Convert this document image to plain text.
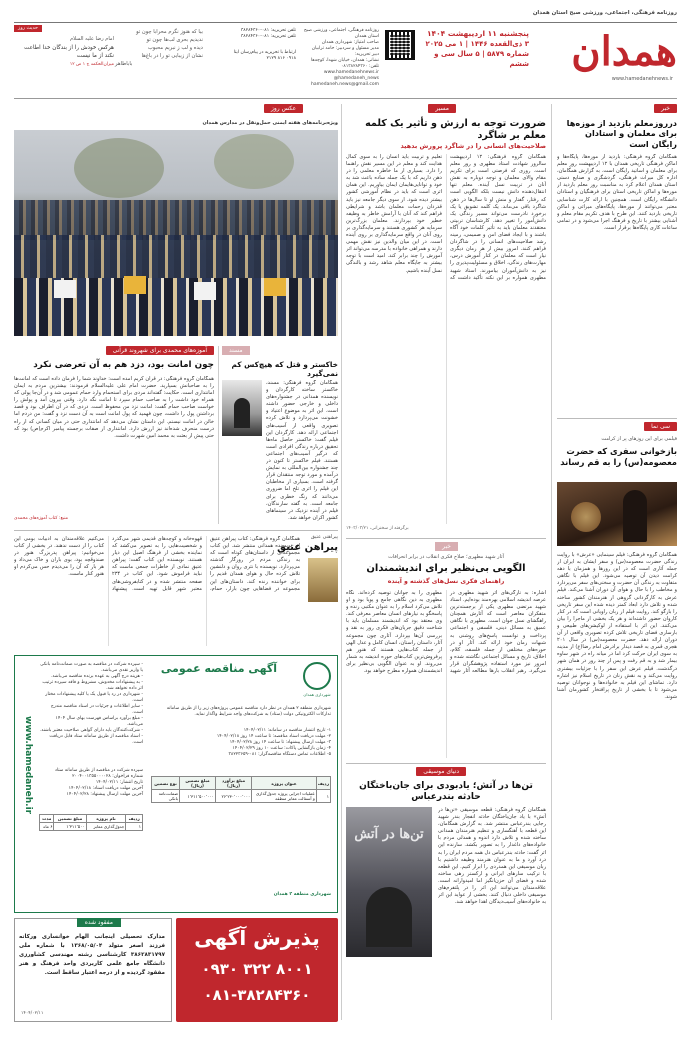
همدان
www.hamedanehnews.ir
روزنامه فرهنگی، اجتماعی، ورزشی صبح استان همدان
پنجشنبه ۱۱ اردیبهشت ۱۴۰۴
۳ ذی‌القعده ۱۴۴۶ | ۱ می ۲۰۲۵
شماره ۵۸۷۹ | ۵ سال سی و ششم
روزنامه فرهنگی، اجتماعی، ورزشی صبح استان همدان
صاحب امتیاز: شهرداری همدان
مدیر مسئول و سردبیر: حامد ترابیان
دبیر تحریریه:
نشانی: همدان، خیابان شهدا، کوچه‌ها
تلفن: ۰۸۱۳۸۲۸۴۳۶۰
www.hamedanehnews.ir
@hamedaneh_news
hamedaneh.news@gmail.com
تلفن تحریریه: ۰۸۱-۳۸۲۸۴۳۶۰
تلفن تحریریه: ۰۸۱-۳۸۲۸۴۳۶۰
ارتباط با تحریریه در پیام‌رسان ایتا
۰۹۱۸ ۸۱۶ ۲۱۲۹
بیا که هنوز نگرم محرابا چون تو
ندیدیم بحری لب‌ها چون تو
دیده و لب ز نبریم محبوب
نشان از زیبایی تو را در باغ‌ها
باباطاهر
حدیث روز
امام رضا علیه السلام
هرکس خودش را از بندگان خدا اطاعت نکند از ما نیست
میزان‌الحکمه ج ۱ ص ۱۲
خبر
درروزمعلم بازدید از موزه‌ها برای معلمان و استادان رایگان است
همگامان گروه فرهنگی: بازدید از موزه‌ها، پایگاه‌ها و اماکن فرهنگی تاریخی همدان با ۱۲ اردیبهشت روز معلم برای معلمان و اساتید رایگان است. به گزارش همگامان، اداره کل میراث فرهنگی، گردشگری و صنایع دستی استان همدان اعلام کرد به مناسبت روز معلم بازدید از موزه‌ها و اماکن تاریخی استان برای فرهنگیان و استادان دانشگاه رایگان است. همچنین با ارائه کارت شناسایی معتبر می‌توانند از موزه‌ها، پایگاه‌های میراثی و اماکن تاریخی بازدید کنند. این طرح با هدف تکریم مقام معلم و آشنایی بیشتر با تاریخ و فرهنگ اجرا می‌شود و در تمامی ساعات کاری پایگاه‌ها برقرار است.
سی نما
فیلمی برای این روزهای پر از کرامت
بازخوانی سفری که حضرت معصومه(س) را به قم رساند
همگامان گروه فرهنگی: فیلم سینمایی «عرش» با روایت زندگی حضرت معصومه(س) و سفر ایشان به ایران از جمله آثاری است که در این روزها و همزمان با دهه کرامت دیدن آن توصیه می‌شود. این فیلم با نگاهی متفاوت به زندگی آن حضرت و سختی‌های سفر می‌پردازد و مخاطب را با حال و هوای آن دوران آشنا می‌کند. فیلم عرش به کارگردانی گروهی از هنرمندان کشور ساخته شده و تلاش دارد ابعاد کمتر دیده شده این سفر تاریخی را بازگو کند. روایت فیلم از زبان راویانی است که در کنار کاروان حضور داشته‌اند و هر یک بخشی از ماجرا را بیان می‌کنند. این اثر با استفاده از لوکیشن‌های طبیعی و بازسازی فضای تاریخی تلاش کرده تصویری واقعی از آن دوران ارائه دهد. حضرت معصومه(س) در سال ۲۰۱ هجری قمری به قصد دیدار برادرش امام رضا(ع) از مدینه به سوی ایران حرکت کرد اما در میانه راه در شهر ساوه بیمار شد و به قم رفت و پس از چند روز در همان شهر درگذشت. فیلم عرش این سفر را با جزئیات بیشتری روایت می‌کند و به نقش زنان در تاریخ اسلام نیز اشاره دارد. تماشای این فیلم به خانواده‌ها و نوجوانان توصیه می‌شود تا با بخشی از تاریخ پرافتخار کشورمان آشنا شوند.
مسیر
ضرورت توجه به ارزش و تأثیر یک کلمه معلم بر شاگرد
صلاحیت‌های انسانی را در شاگرد پرورش بدهید
همگامان گروه فرهنگی: ۱۲ اردیبهشت سالروز شهادت استاد مطهری و روز معلم است. روزی که فرصتی است برای تکریم مقام والای معلمان و توجه دوباره به نقش آنان در تربیت نسل آینده. معلم تنها انتقال‌دهنده دانش نیست بلکه الگویی است که رفتار، گفتار و منش او تا سال‌ها در ذهن شاگرد باقی می‌ماند. یک کلمه تشویق یا یک برخورد نادرست می‌تواند مسیر زندگی یک دانش‌آموز را تغییر دهد. کارشناسان تربیتی معتقدند معلمان باید به تأثیر کلمات خود آگاه باشند و با ایجاد فضای امن و صمیمی، زمینه رشد صلاحیت‌های انسانی را در شاگردان فراهم کنند. امروز بیش از هر زمان دیگری نیاز است که معلمان در کنار آموزش درس، مهارت‌های زندگی، اخلاق و مسئولیت‌پذیری را نیز به دانش‌آموزان بیاموزند. استاد شهید مطهری همواره بر این نکته تأکید داشت که تعلیم و تربیت باید انسان را به سوی کمال هدایت کند و معلم در این مسیر نقش راهنما را دارد. بسیاری از ما خاطره معلمی را در ذهن داریم که با یک جمله ساده باعث شد به خود و توانایی‌هایمان ایمان بیاوریم. این همان اثری است که باید در نظام آموزشی کشور بیشتر دیده شود. از سوی دیگر جامعه نیز باید قدردان زحمات معلمان باشد و شرایطی فراهم کند که آنان با آرامش خاطر به وظیفه خطیر خود بپردازند. معلمان بزرگ‌ترین سرمایه هر کشوری هستند و سرمایه‌گذاری بر روی آنان در واقع سرمایه‌گذاری بر روی آینده است. در این میان والدین نیز نقش مهمی دارند و همراهی خانواده با مدرسه می‌تواند اثر آموزش را چند برابر کند. امید است با توجه بیشتر به جایگاه معلم شاهد رشد و بالندگی نسل آینده باشیم.
برگرفته از سخنرانی، ۱۴۰۳/۰۳/۲۱
خبر
آثار شهید مطهری؛ صلاح فکری انقلاب در برابر انحرافات
الگویی بی‌نظیر برای اندیشمندان
راهنمای فکری نسل‌های گذشته و آینده
اشاره: به تازگی‌های اثر شهید مطهری در عرصه اندیشه اسلامی بهره‌مند بوده‌ایم. استاد شهید مرتضی مطهری یکی از برجسته‌ترین متفکران معاصر است که آثارش همچنان راهگشای نسل جوان است. مطهری با نگاهی عمیق به مسائل دینی، فلسفی و اجتماعی پرداخت و توانست پاسخ‌های روشنی به شبهات زمان خود ارائه کند. آثار او در حوزه‌های مختلفی از جمله فلسفه، کلام، اخلاق، تاریخ و مسائل اجتماعی نگاشته شده و امروز نیز مورد استفاده پژوهشگران قرار می‌گیرد. رهبر انقلاب بارها مطالعه آثار شهید مطهری را به جوانان توصیه کرده‌اند. نگاه مطهری به دین نگاهی جامع و پویا بود و او تلاش می‌کرد اسلام را به عنوان مکتبی زنده و پاسخگو به نیازهای انسان معاصر معرفی کند. وی معتقد بود که اندیشمند مسلمان باید با شناخت دقیق جریان‌های فکری روز به نقد و بررسی آن‌ها بپردازد. آثاری چون مجموعه آثار، داستان راستان، انسان کامل و عدل الهی از جمله کتاب‌هایی هستند که هنوز هم پرفروش‌ترین کتاب‌های حوزه اندیشه به شمار می‌روند. او به عنوان الگویی بی‌نظیر برای اندیشمندان همواره مطرح خواهد بود.
دنیای موسیقی
تن‌ها در آتش؛ یادبودی برای جان‌باختگان حادثه بندرعباس
تن‌ها در آتش
همگامان گروه فرهنگی: قطعه موسیقی «تن‌ها در آتش» با یاد جان‌باختگان حادثه انفجار بندر شهید رجایی بندرعباس منتشر شد. به گزارش همگامان، این قطعه با آهنگسازی و تنظیم هنرمندان همدانی ساخته شده و تلاش دارد اندوه و همدلی مردم با خانواده‌های داغدار را به تصویر بکشد. سازنده این اثر گفت: حادثه بندرعباس دل همه مردم ایران را به درد آورد و ما به عنوان هنرمند وظیفه داشتیم با زبان موسیقی این همدردی را ابراز کنیم. این قطعه با ترکیب سازهای ایرانی و ارکستر زهی ساخته شده و فضای آن حزن‌انگیز اما امیدوارانه است. علاقه‌مندان می‌توانند این اثر را در پلتفرم‌های موسیقی داخلی دنبال کنند. بخشی از عواید این اثر به خانواده‌های آسیب‌دیدگان اهدا خواهد شد.
عکس روز
ویژه‌برنامه‌های هفته ایمنی حمل‌ونقل در مدارس همدان
آموزه‌های محمدی برای شهروند قرآنی
چون امانت بود، دزد هم به آن تعرضی نکرد
همگامان گروه فرهنگی: در قرآن کریم آمده است: خداوند شما را فرمان داده است که امانت‌ها را به صاحبانش بسپارید. حضرت امام علی علیه‌السلام فرمودند: بیشترین مردم به ایمان امانتداری است. حکایت: گفته‌اند مردی برای استحمام وارد حمام عمومی شد و در آن‌جا پولی که همراه خود داشت را به صاحب حمام سپرد تا امانت نگه دارد. وقتی بیرون آمد و پولش را خواست صاحب حمام گفت: امانت نزد من محفوظ است. دزدی که در آن اطراف بود و قصد برداشتن پول را داشت، چون فهمید که پول امانت است به آن دست نزد و گفت: من دزدم اما خائن در امانت نیستم. این داستان نشان می‌دهد که امانتداری حتی در میان کسانی که از راه درست منحرف شده‌اند نیز ارزش دارد. امانتداری از صفات برجسته پیامبر اکرم(ص) بود که حتی پیش از بعثت به محمد امین شهرت داشت.
منبع: کتاب آموزه‌های محمدی
مسند
خاکستر و قتل که هیچ‌کس کم نمی‌گیرد
همگامان گروه فرهنگی: مسند، خاکستر ساخته کارگردان و نویسنده همدانی در جشنواره‌های داخلی و خارجی حضور داشته است. این اثر به موضوع اعتیاد و خشونت می‌پردازد و تلاش کرده تصویری واقعی از آسیب‌های اجتماعی ارائه دهد. کارگردان این فیلم گفت: خاکستر حاصل ماه‌ها تحقیق درباره زندگی افرادی است که درگیر آسیب‌های اجتماعی هستند. فیلم خاکستر تا کنون در چند جشنواره بین‌المللی به نمایش درآمده و مورد توجه منتقدان قرار گرفته است. بسیاری از مخاطبان این فیلم را اثری تلخ اما ضروری می‌دانند که زنگ خطری برای جامعه است. به گفته سازندگان، فیلم در آینده نزدیک در سینماهای کشور اکران خواهد شد.
پیراهنی عتیق
پیراهن عتیق
همگامان گروه فرهنگی: کتاب پیراهن عتیق اثر نویسنده همدانی منتشر شد. این کتاب مجموعه‌ای از داستان‌های کوتاه است که به زندگی مردم در روزگار گذشته می‌پردازد. نویسنده با نثری روان و دلنشین تلاش کرده حال و هوای همدان قدیم را برای خواننده زنده کند. داستان‌های این مجموعه در فضاهایی چون بازار، حمام، قهوه‌خانه و کوچه‌های قدیمی شهر می‌گذرد و شخصیت‌هایی را به تصویر می‌کشد که نماینده بخشی از فرهنگ اصیل این دیار هستند. نویسنده این کتاب گفت: پیراهن عتیق نمادی از خاطرات جمعی ماست که نباید فراموش شود. این کتاب در ۲۳۴ صفحه منتشر شده و در کتابفروشی‌های معتبر شهر قابل تهیه است. پیشنهاد می‌کنیم علاقه‌مندان به ادبیات بومی این کتاب را از دست ندهند. در بخشی از کتاب می‌خوانیم: پیراهن پدربزرگ هنوز در صندوقچه بود، بوی باران و خاک می‌داد و هر بار که آن را می‌دیدم حس می‌کردم او هنوز کنار ماست.
شهرداری همدان
آگهی مناقصه عمومی
شهرداری منطقه ۲ همدان در نظر دارد مناقصه عمومی پروژه‌های زیر را از طریق سامانه تدارکات الکترونیکی دولت (ستاد) به شرکت‌های واجد شرایط واگذار نماید.
۱- تاریخ انتشار مناقصه در سامانه: ۱۴۰۴/۰۲/۱۱
۲- مهلت دریافت اسناد مناقصه: تا ساعت ۱۴ روز ۱۴۰۴/۰۲/۱۸
۳- مهلت ارسال پیشنهاد: تا ساعت ۱۴ روز ۱۴۰۴/۰۲/۲۸
۴- زمان بازگشایی پاکات: ساعت ۱۰ روز ۱۴۰۴/۰۲/۲۹
۵- اطلاعات تماس دستگاه مناقصه‌گزار: ۰۸۱-۳۸۲۲۳۶۵۹
- سپرده شرکت در مناقصه به صورت ضمانت‌نامه بانکی یا واریز نقدی می‌باشد.
- هزینه درج آگهی به عهده برنده مناقصه می‌باشد.
- به پیشنهادات مخدوش، مشروط و فاقد سپرده ترتیب اثر داده نخواهد شد.
- شهرداری در رد یا قبول یک یا کلیه پیشنهادات مختار است.
- سایر اطلاعات و جزئیات در اسناد مناقصه مندرج است.
- مبلغ برآورد براساس فهرست بهای سال ۱۴۰۴ می‌باشد.
- شرکت‌کنندگان باید دارای گواهی صلاحیت معتبر باشند.
- اسناد مناقصه از طریق سامانه ستاد قابل دریافت است.
سپرده شرکت در مناقصه از طریق سامانه ستاد
شماره فراخوان: ۲۰۰۴۰۰۱۳۵۵۰۰۰۰۲۸
تاریخ انتشار: ۱۴۰۴/۰۲/۱۱
آخرین مهلت دریافت اسناد: ۱۴۰۴/۰۲/۱۸
آخرین مهلت ارسال پیشنهاد: ۱۴۰۴/۰۲/۲۸
ردیف	نام پروژه	مبلغ تضمین	مدت
۱	جدول‌گذاری معابر	۱٬۳۱۱٬۵۰۰	۶ ماه
شهرداری منطقه ۲ همدان
www.hamedaneh.ir	ردیف	عنوان پروژه	مبلغ برآورد (ریال)	مبلغ تضمین (ریال)	نوع تضمین
۱	عملیات اجرایی پروژه جدول‌گذاری و آسفالت معابر منطقه	۲۶٬۲۳۰٬۰۰۰٬۰۰۰	۱٬۳۱۱٬۵۰۰٬۰۰۰	ضمانت‌نامه بانکی
پذیرش آگهی
۰۹۳۰ ۳۲۲ ۸۰۰۱
۰۸۱-۳۸۲۸۴۳۶۰
مفقود شده
مدارک تحصیلی اینجانب الهام خوانساری ورکانه فرزند اصغر متولد ۱۳۶۸/۰۵/۰۴ با شماره ملی ۳۸۶۲۸۳۱۷۹۷ کارشناسی رشته مهندسی کشاورزی دانشگاه جامع علمی کاربردی واحد فرهنگ و هنر مفقود گردیده و از درجه اعتبار ساقط است.
۱۴۰۴/۰۲/۱۱
